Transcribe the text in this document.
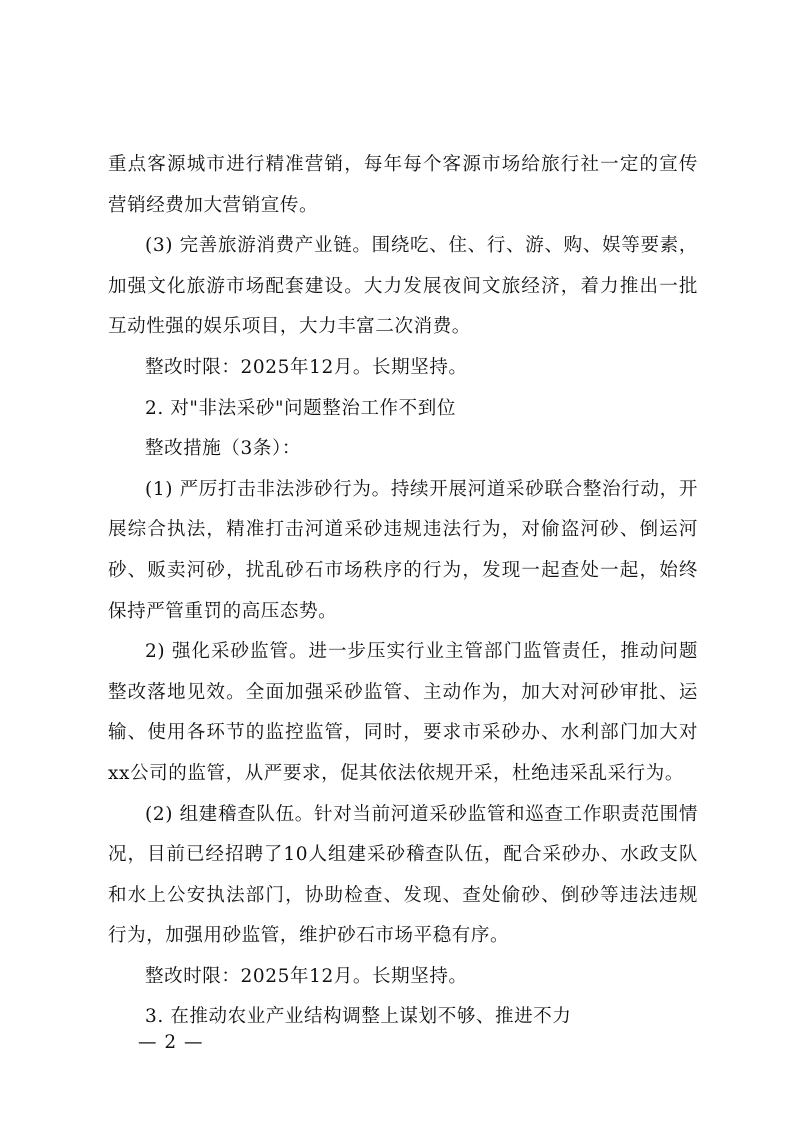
重点客源城市进行精准营销，每年每个客源市场给旅行社一定的宣传营销经费加大营销宣传。

(3) 完善旅游消费产业链。围绕吃、住、行、游、购、娱等要素，加强文化旅游市场配套建设。大力发展夜间文旅经济，着力推出一批互动性强的娱乐项目，大力丰富二次消费。

整改时限：2025年12月。长期坚持。

2. 对"非法采砂"问题整治工作不到位

整改措施（3条）：

(1) 严厉打击非法涉砂行为。持续开展河道采砂联合整治行动，开展综合执法，精准打击河道采砂违规违法行为，对偷盗河砂、倒运河砂、贩卖河砂，扰乱砂石市场秩序的行为，发现一起查处一起，始终保持严管重罚的高压态势。

2) 强化采砂监管。进一步压实行业主管部门监管责任，推动问题整改落地见效。全面加强采砂监管、主动作为，加大对河砂审批、运输、使用各环节的监控监管，同时，要求市采砂办、水利部门加大对xx公司的监管，从严要求，促其依法依规开采，杜绝违采乱采行为。

(2) 组建稽查队伍。针对当前河道采砂监管和巡查工作职责范围情况，目前已经招聘了10人组建采砂稽查队伍，配合采砂办、水政支队和水上公安执法部门，协助检查、发现、查处偷砂、倒砂等违法违规行为，加强用砂监管，维护砂石市场平稳有序。

整改时限：2025年12月。长期坚持。

3. 在推动农业产业结构调整上谋划不够、推进不力

— 2 —
